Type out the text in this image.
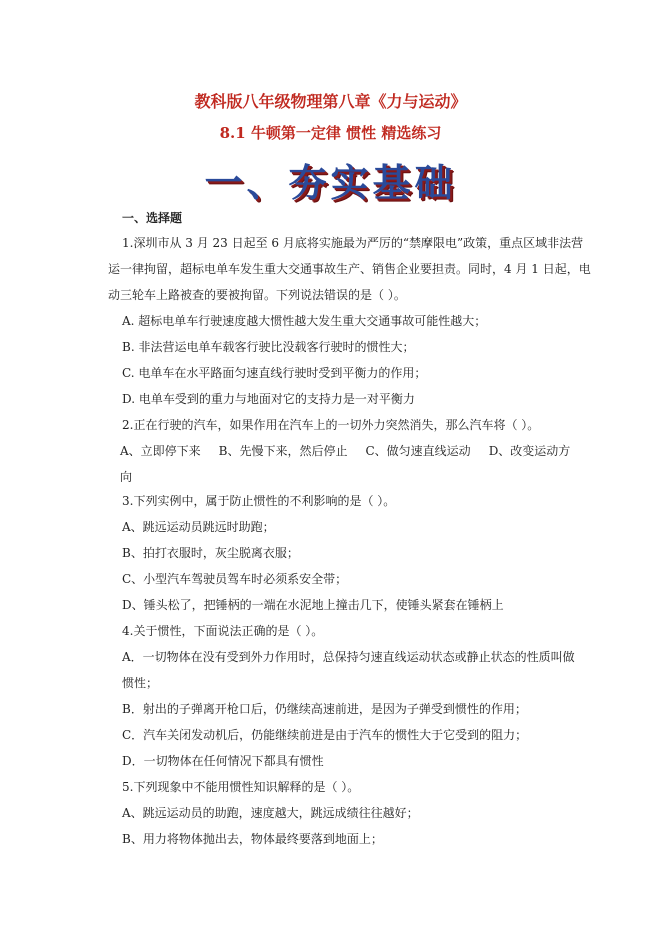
教科版八年级物理第八章《力与运动》
8.1 牛顿第一定律 惯性 精选练习
一、夯实基础
一、选择题
1.深圳市从 3 月 23 日起至 6 月底将实施最为严厉的“禁摩限电”政策，重点区域非法营
运一律拘留，超标电单车发生重大交通事故生产、销售企业要担责。同时，4 月 1 日起，电
动三轮车上路被查的要被拘留。下列说法错误的是（ ）。
A. 超标电单车行驶速度越大惯性越大发生重大交通事故可能性越大；
B. 非法营运电单车载客行驶比没载客行驶时的惯性大；
C. 电单车在水平路面匀速直线行驶时受到平衡力的作用；
D. 电单车受到的重力与地面对它的支持力是一对平衡力
2.正在行驶的汽车，如果作用在汽车上的一切外力突然消失，那么汽车将（ ）。
A、立即停下来 B、先慢下来，然后停止 C、做匀速直线运动 D、改变运动方
向
3.下列实例中，属于防止惯性的不利影响的是（ ）。
A、跳远运动员跳远时助跑；
B、拍打衣服时，灰尘脱离衣服；
C、小型汽车驾驶员驾车时必须系安全带；
D、锤头松了，把锤柄的一端在水泥地上撞击几下，使锤头紧套在锤柄上
4.关于惯性，下面说法正确的是（ ）。
A．一切物体在没有受到外力作用时，总保持匀速直线运动状态或静止状态的性质叫做
惯性；
B．射出的子弹离开枪口后，仍继续高速前进，是因为子弹受到惯性的作用；
C．汽车关闭发动机后，仍能继续前进是由于汽车的惯性大于它受到的阻力；
D．一切物体在任何情况下都具有惯性
5.下列现象中不能用惯性知识解释的是（ ）。
A、跳远运动员的助跑，速度越大，跳远成绩往往越好；
B、用力将物体抛出去，物体最终要落到地面上；
